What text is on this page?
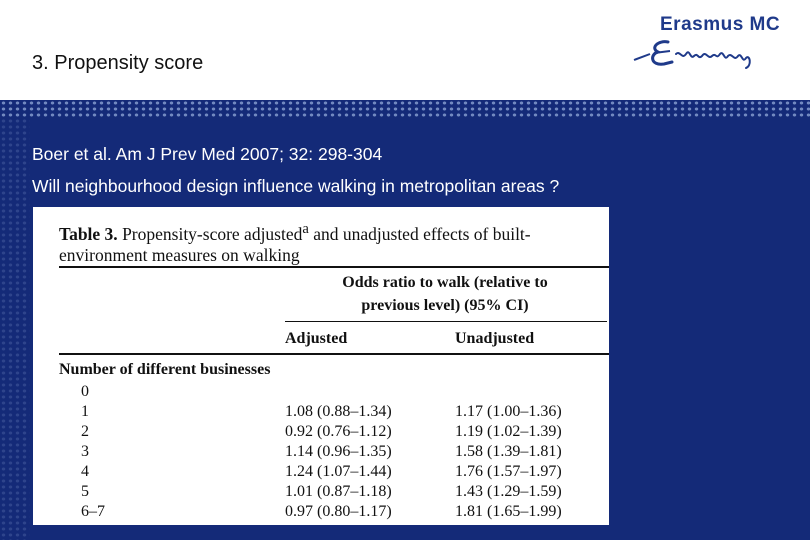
3. Propensity score
Erasmus MC
Boer et al. Am J Prev Med 2007; 32: 298-304
Will neighbourhood design influence walking in metropolitan areas ?
Table 3. Propensity-score adjusted$^a$ and unadjusted effects of built-environment measures on walking
Odds ratio to walk (relative to
previous level) (95% CI)
Adjusted	Unadjusted
Number of different businesses
0
1	1.08 (0.88–1.34)	1.17 (1.00–1.36)
2	0.92 (0.76–1.12)	1.19 (1.02–1.39)
3	1.14 (0.96–1.35)	1.58 (1.39–1.81)
4	1.24 (1.07–1.44)	1.76 (1.57–1.97)
5	1.01 (0.87–1.18)	1.43 (1.29–1.59)
6–7	0.97 (0.80–1.17)	1.81 (1.65–1.99)
